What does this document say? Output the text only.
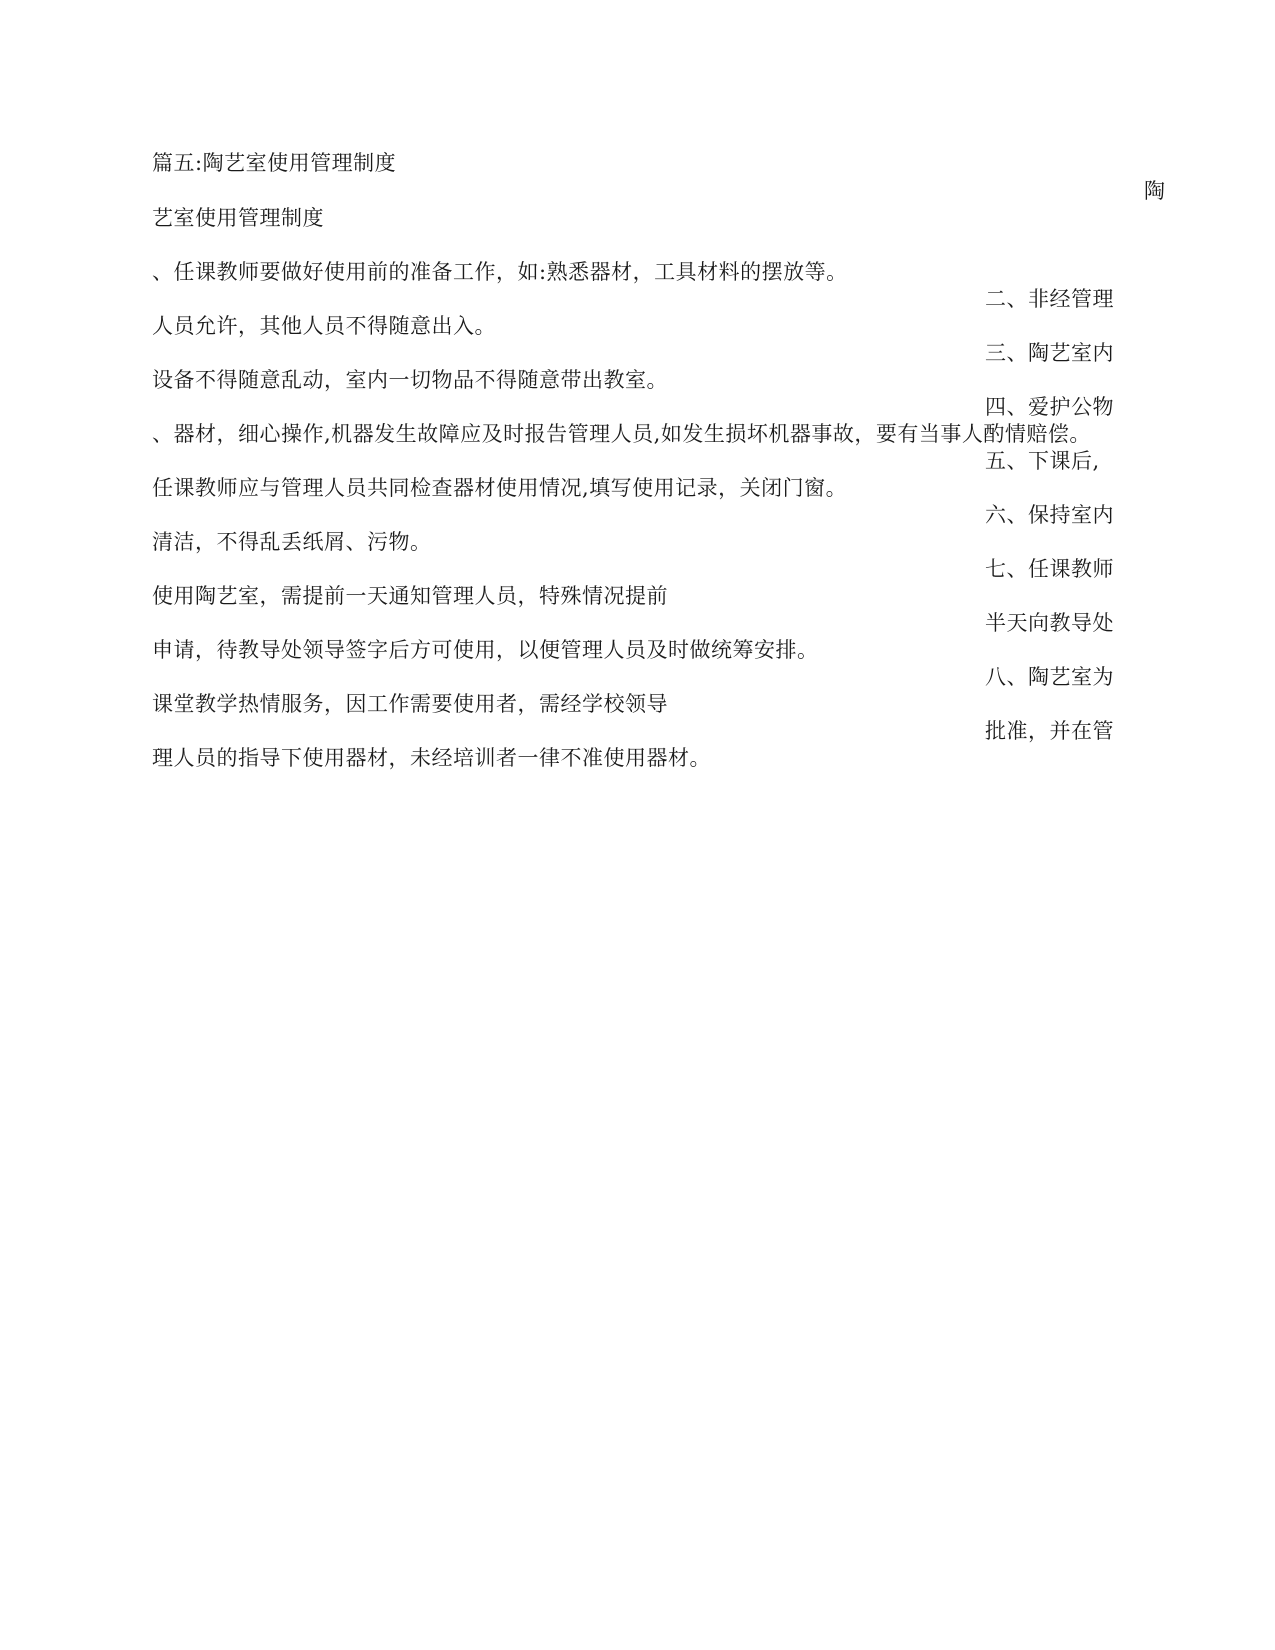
篇五:陶艺室使用管理制度
陶
艺室使用管理制度
、任课教师要做好使用前的准备工作，如:熟悉器材，工具材料的摆放等。
二、非经管理
人员允许，其他人员不得随意出入。
三、陶艺室内
设备不得随意乱动，室内一切物品不得随意带出教室。
四、爱护公物
、器材，细心操作,机器发生故障应及时报告管理人员,如发生损坏机器事故，要有当事人酌情赔偿。
五、下课后,
任课教师应与管理人员共同检查器材使用情况,填写使用记录，关闭门窗。
六、保持室内
清洁，不得乱丢纸屑、污物。
七、任课教师
使用陶艺室，需提前一天通知管理人员，特殊情况提前
半天向教导处
申请，待教导处领导签字后方可使用，以便管理人员及时做统筹安排。
八、陶艺室为
课堂教学热情服务，因工作需要使用者，需经学校领导
批准，并在管
理人员的指导下使用器材，未经培训者一律不准使用器材。
